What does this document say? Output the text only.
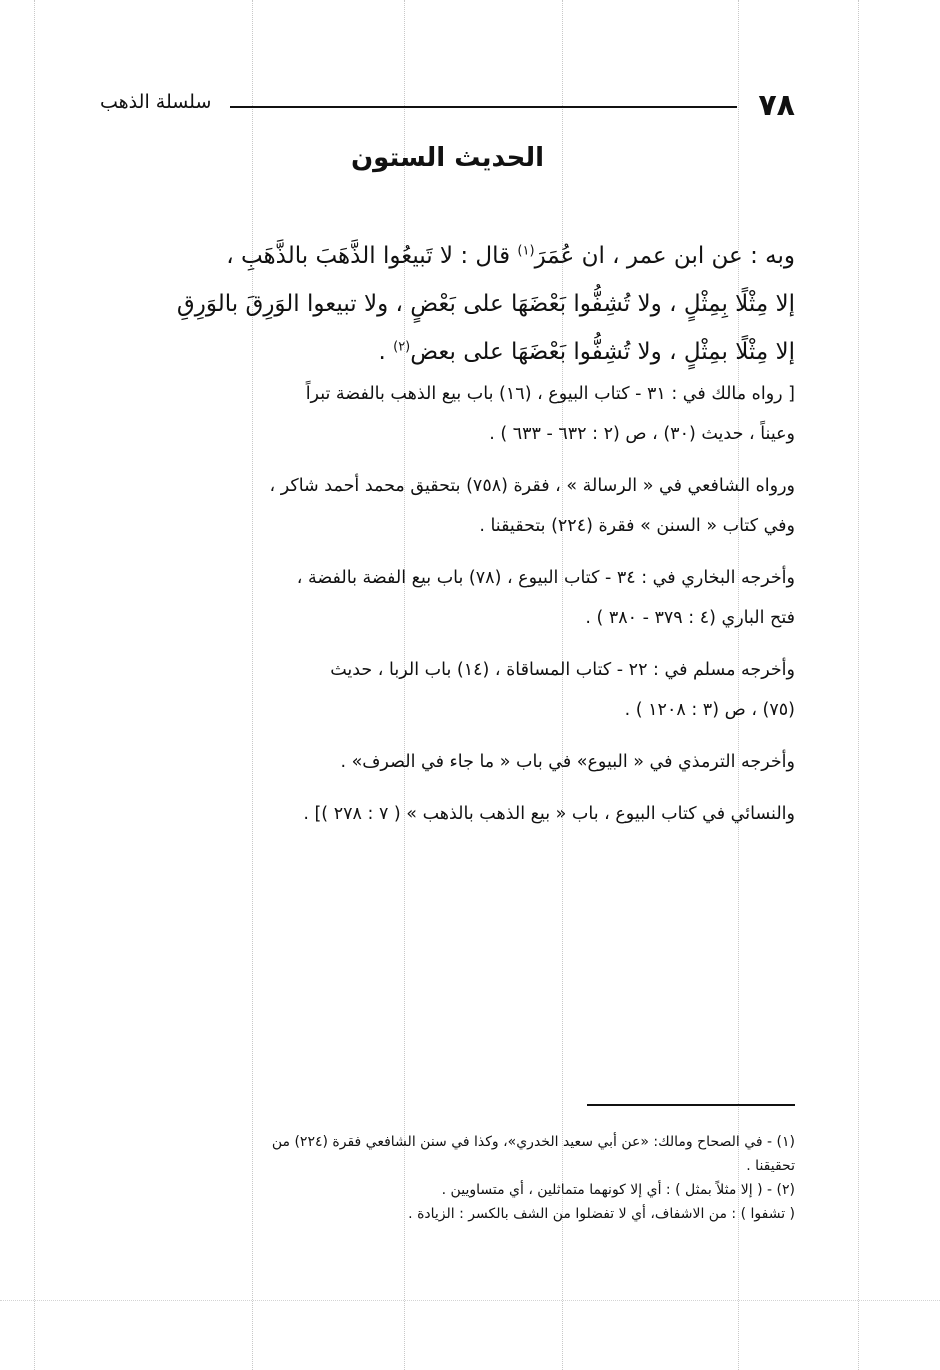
٧٨
سلسلة الذهب
الحديث الستون
وبه : عن ابن عمر ، ان عُمَرَ$^{(١)}$ قال : لا تَبيعُوا الذَّهَبَ بالذَّهَبِ ،
إلا مِثْلًا بِمِثْلٍ ، ولا تُشِفُّوا بَعْضَهَا على بَعْضٍ ، ولا تبيعوا الوَرِقَ بالوَرِقِ
إلا مِثْلًا بمِثْلٍ ، ولا تُشِفُّوا بَعْضَهَا على بعض$^{(٢)}$ .
[ رواه مالك في : ٣١ - كتاب البيوع ، (١٦) باب بيع الذهب بالفضة تبراً
وعيناً ، حديث (٣٠) ، ص (٢ : ٦٣٢ - ٦٣٣ ) .
ورواه الشافعي في « الرسالة » ، فقرة (٧٥٨) بتحقيق محمد أحمد شاكر ،
وفي كتاب « السنن » فقرة (٢٢٤) بتحقيقنا .
وأخرجه البخاري في : ٣٤ - كتاب البيوع ، (٧٨) باب بيع الفضة بالفضة ،
فتح الباري (٤ : ٣٧٩ - ٣٨٠ ) .
وأخرجه مسلم في : ٢٢ - كتاب المساقاة ، (١٤) باب الربا ، حديث
(٧٥) ، ص (٣ : ١٢٠٨ ) .
وأخرجه الترمذي في « البيوع» في باب « ما جاء في الصرف» .
والنسائي في كتاب البيوع ، باب « بيع الذهب بالذهب » ( ٧ : ٢٧٨ )] .
(١) - في الصحاح ومالك: «عن أبي سعيد الخدري»، وكذا في سنن الشافعي فقرة (٢٢٤) من
تحقيقنا .
(٢) - ( إلا مثلاً بمثل ) : أي إلا كونهما متماثلين ، أي متساويين .
( تشفوا ) : من الاشفاف، أي لا تفضلوا من الشف بالكسر : الزيادة .
